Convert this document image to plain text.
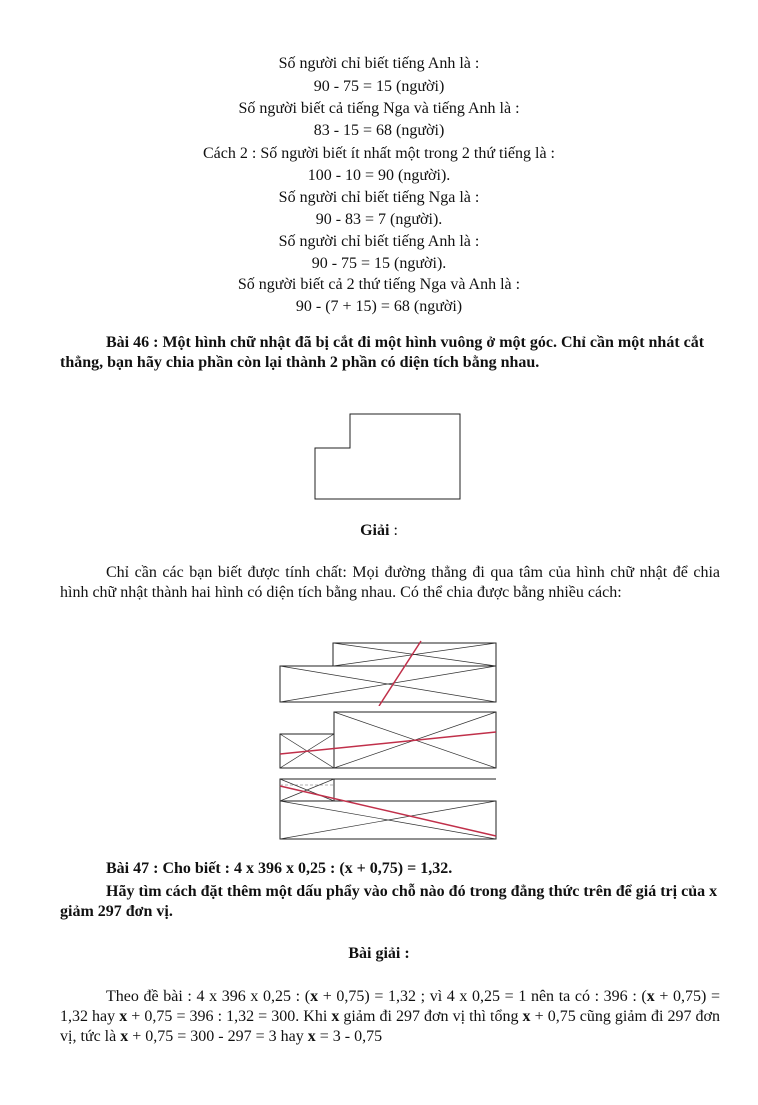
Số người chỉ biết tiếng Anh là :
90 - 75 = 15 (người)
Số người biết cả tiếng Nga và tiếng Anh là :
83 - 15 = 68 (người)
Cách 2 : Số người biết ít nhất một trong 2 thứ tiếng là :
100 - 10 = 90 (người).
Số người chỉ biết tiếng Nga là :
90 - 83 = 7 (người).
Số người chỉ biết tiếng Anh là :
90 - 75 = 15 (người).
Số người biết cả 2 thứ tiếng Nga và Anh là :
90 - (7 + 15) = 68 (người)
Bài 46 : Một hình chữ nhật đã bị cắt đi một hình vuông ở một góc. Chỉ cần một nhát cắt thẳng, bạn hãy chia phần còn lại thành 2 phần có diện tích bằng nhau.
Giải :
Chỉ cần các bạn biết được tính chất: Mọi đường thẳng đi qua tâm của hình chữ nhật để chia hình chữ nhật thành hai hình có diện tích bằng nhau. Có thể chia được bằng nhiều cách:
Bài 47 : Cho biết : 4 x 396 x 0,25 : (x + 0,75) = 1,32.
Hãy tìm cách đặt thêm một dấu phẩy vào chỗ nào đó trong đẳng thức trên để giá trị của x giảm 297 đơn vị.
Bài giải :
Theo đề bài : 4 x 396 x 0,25 : (x + 0,75) = 1,32 ; vì 4 x 0,25 = 1 nên ta có : 396 : (x + 0,75) = 1,32 hay x + 0,75 = 396 : 1,32 = 300. Khi x giảm đi 297 đơn vị thì tổng x + 0,75 cũng giảm đi 297 đơn vị, tức là x + 0,75 = 300 - 297 = 3 hay x = 3 - 0,75
